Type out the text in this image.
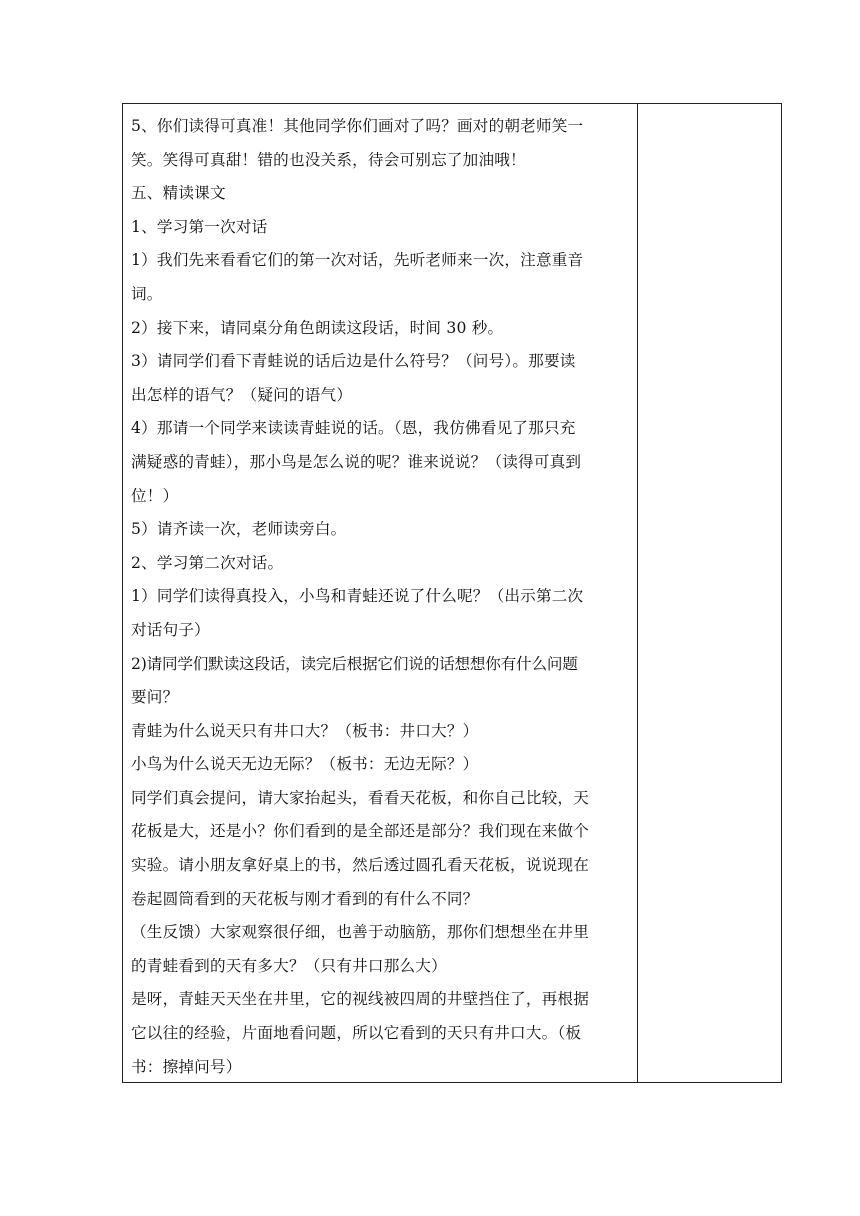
5、你们读得可真准！其他同学你们画对了吗？画对的朝老师笑一
笑。笑得可真甜！错的也没关系，待会可别忘了加油哦！
五、精读课文
1、学习第一次对话
1）我们先来看看它们的第一次对话，先听老师来一次，注意重音
词。
2）接下来，请同桌分角色朗读这段话，时间 30 秒。
3）请同学们看下青蛙说的话后边是什么符号？（问号）。那要读
出怎样的语气？（疑问的语气）
4）那请一个同学来读读青蛙说的话。（恩，我仿佛看见了那只充
满疑惑的青蛙），那小鸟是怎么说的呢？谁来说说？（读得可真到
位！）
5）请齐读一次，老师读旁白。
2、学习第二次对话。
1）同学们读得真投入，小鸟和青蛙还说了什么呢？（出示第二次
对话句子）
2)请同学们默读这段话，读完后根据它们说的话想想你有什么问题
要问？
青蛙为什么说天只有井口大？（板书：井口大？）
小鸟为什么说天无边无际？（板书：无边无际？）
同学们真会提问，请大家抬起头，看看天花板，和你自己比较，天
花板是大，还是小？你们看到的是全部还是部分？我们现在来做个
实验。请小朋友拿好桌上的书，然后透过圆孔看天花板，说说现在
卷起圆筒看到的天花板与刚才看到的有什么不同？
（生反馈）大家观察很仔细，也善于动脑筋，那你们想想坐在井里
的青蛙看到的天有多大？（只有井口那么大）
是呀，青蛙天天坐在井里，它的视线被四周的井壁挡住了，再根据
它以往的经验，片面地看问题，所以它看到的天只有井口大。（板
书：擦掉问号）
